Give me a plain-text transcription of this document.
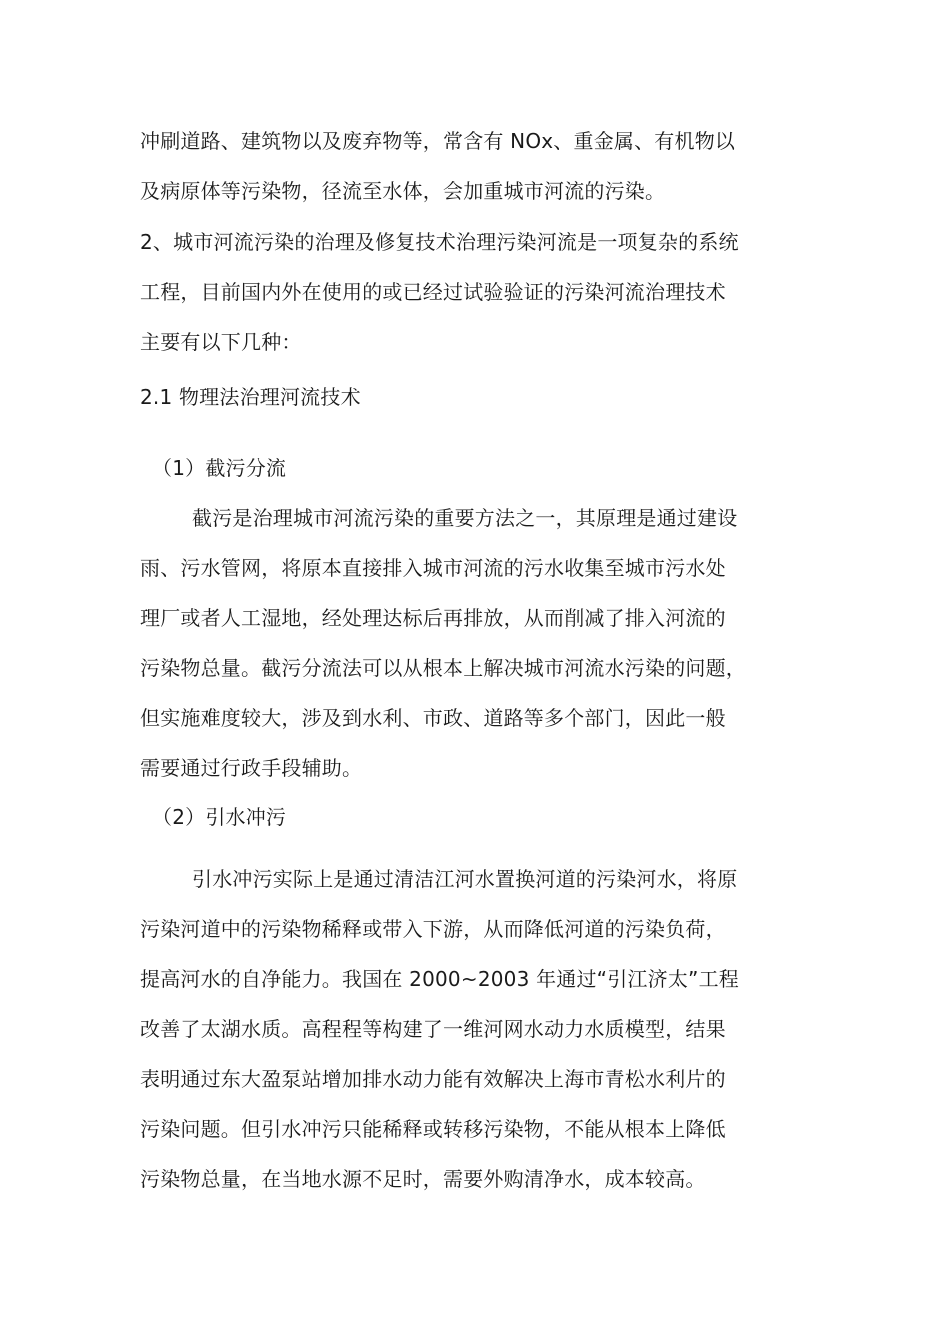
冲刷道路、建筑物以及废弃物等，常含有 NOx、重金属、有机物以
及病原体等污染物，径流至水体，会加重城市河流的污染。
2、城市河流污染的治理及修复技术治理污染河流是一项复杂的系统
工程，目前国内外在使用的或已经过试验验证的污染河流治理技术
主要有以下几种：
2.1 物理法治理河流技术
（1）截污分流
截污是治理城市河流污染的重要方法之一，其原理是通过建设
雨、污水管网，将原本直接排入城市河流的污水收集至城市污水处
理厂或者人工湿地，经处理达标后再排放，从而削减了排入河流的
污染物总量。截污分流法可以从根本上解决城市河流水污染的问题，
但实施难度较大，涉及到水利、市政、道路等多个部门，因此一般
需要通过行政手段辅助。
（2）引水冲污
引水冲污实际上是通过清洁江河水置换河道的污染河水，将原
污染河道中的污染物稀释或带入下游，从而降低河道的污染负荷，
提高河水的自净能力。我国在 2000~2003 年通过“引江济太”工程
改善了太湖水质。高程程等构建了一维河网水动力水质模型，结果
表明通过东大盈泵站增加排水动力能有效解决上海市青松水利片的
污染问题。但引水冲污只能稀释或转移污染物，不能从根本上降低
污染物总量，在当地水源不足时，需要外购清净水，成本较高。
